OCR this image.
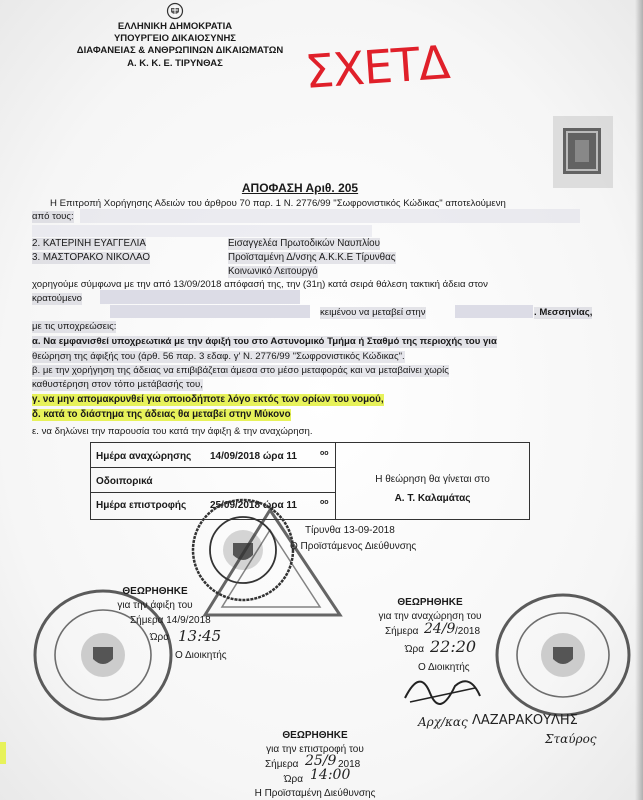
ΕΛΛΗΝΙΚΗ ΔΗΜΟΚΡΑΤΙΑ
ΥΠΟΥΡΓΕΙΟ ΔΙΚΑΙΟΣΥΝΗΣ
ΔΙΑΦΑΝΕΙΑΣ & ΑΝΘΡΩΠΙΝΩΝ ΔΙΚΑΙΩΜΑΤΩΝ
Α. Κ. Κ. Ε. ΤΙΡΥΝΘΑΣ	ΣΧΕΤΔ
ΑΠΟΦΑΣΗ Αριθ. 205
Η Επιτροπή Χορήγησης Αδειών του άρθρου 70 παρ. 1 Ν. 2776/99 "Σωφρονιστικός Κώδικας" αποτελούμενη
από τους:
2. ΚΑΤΕΡΙΝΗ ΕΥΑΓΓΕΛΙΑ	Εισαγγελέα Πρωτοδικών Ναυπλίου
3. ΜΑΣΤΟΡΑΚΟ ΝΙΚΟΛΑΟ	Προϊσταμένη Δ/νσης Α.Κ.Κ.Ε Τίρυνθας
Κοινωνικό Λειτουργό
χορηγούμε σύμφωνα με την από 13/09/2018 απόφασή της, την (31η) κατά σειρά θάλεση τακτική άδεια στον
κρατούμενο
κειμένου να μεταβεί στην	. Μεσσηνίας,
με τις υποχρεώσεις:
α. Να εμφανισθεί υποχρεωτικά με την άφιξή του στο Αστυνομικό Τμήμα ή Σταθμό της περιοχής του για
θεώρηση της άφιξής του (άρθ. 56 παρ. 3 εδαφ. γ' Ν. 2776/99 "Σωφρονιστικός Κώδικας".
β. με την χορήγηση της άδειας να επιβιβάζεται άμεσα στο μέσο μεταφοράς και να μεταβαίνει χωρίς
καθυστέρηση στον τόπο μετάβασής του,
γ. να μην απομακρυνθεί για οποιοδήποτε λόγο εκτός των ορίων του νομού,
δ. κατά το διάστημα της άδειας θα μεταβεί στην Μύκονο
ε. να δηλώνει την παρουσία του κατά την άφιξη & την αναχώρηση.
Ημέρα αναχώρησης 14/09/2018 ώρα 11	οο
Οδοιπορικά
Ημέρα επιστροφής 25/09/2018 ώρα 11	οο
Η θεώρηση θα γίνεται στο
Α. Τ. Καλαμάτας
Τίρυνθα 13-09-2018
Ο Προϊστάμενος Διεύθυνσης
ΘΕΩΡΗΘΗΚΕ
για την άφιξη του
Σήμερα 14/9/2018
Ώρα 13:45
Ο Διοικητής
ΘΕΩΡΗΘΗΚΕ
για την αναχώρηση του
Σήμερα 24/9 /2018
Ώρα 22:20
Ο Διοικητής
Αρχ/κας ΛΑΖΑΡΑΚΟΥΛΗΣ
Σταύρος
ΘΕΩΡΗΘΗΚΕ
για την επιστροφή του
Σήμερα 25/9 2018
Ώρα 14:00
Η Προϊσταμένη Διεύθυνσης
